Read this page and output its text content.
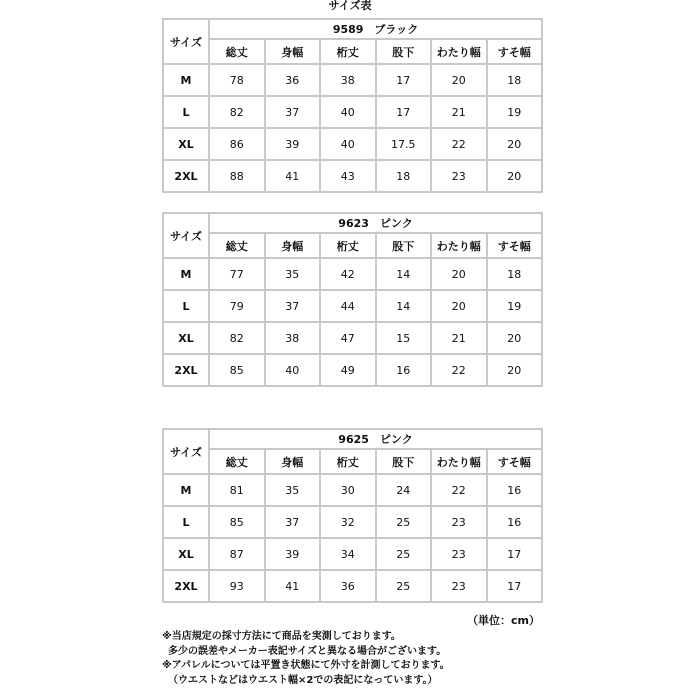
サイズ表
サイズ	9589　ブラック					
	総丈	身幅	桁丈	股下	わたり幅	すそ幅
M	78	36	38	17	20	18
L	82	37	40	17	21	19
XL	86	39	40	17.5	22	20
2XL	88	41	43	18	23	20
サイズ	9623　ピンク					
	総丈	身幅	桁丈	股下	わたり幅	すそ幅
M	77	35	42	14	20	18
L	79	37	44	14	20	19
XL	82	38	47	15	21	20
2XL	85	40	49	16	22	20
サイズ	9625　ピンク					
	総丈	身幅	桁丈	股下	わたり幅	すそ幅
M	81	35	30	24	22	16
L	85	37	32	25	23	16
XL	87	39	34	25	23	17
2XL	93	41	36	25	23	17
（単位：cm）
※当店規定の採寸方法にて商品を実測しております。
多少の誤差やメーカー表記サイズと異なる場合がございます。
※アパレルについては平置き状態にて外寸を計測しております。
（ウエストなどはウエスト幅×2での表記になっています。）
